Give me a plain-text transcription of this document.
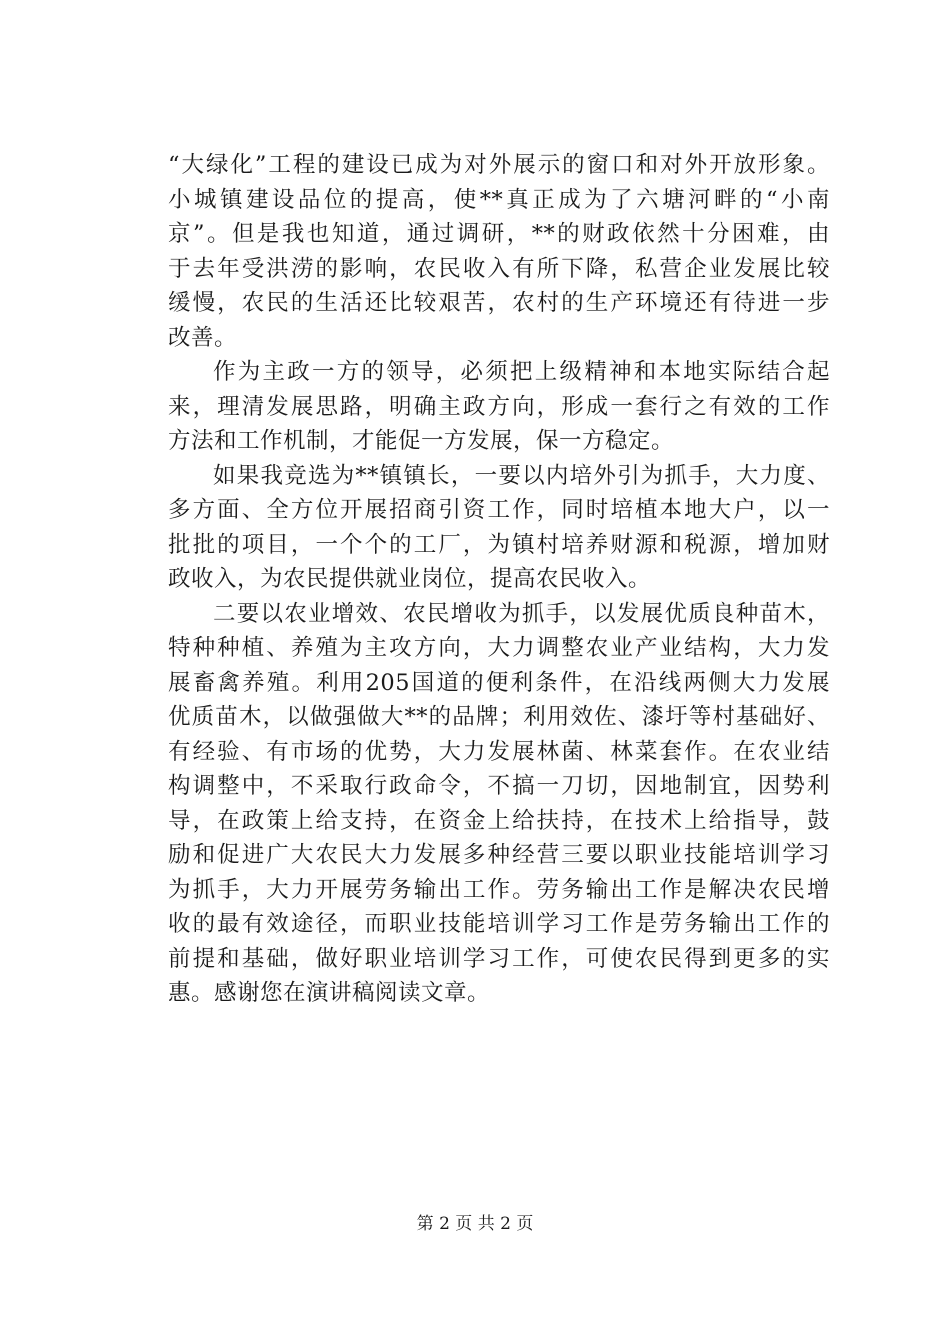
“大绿化”工程的建设已成为对外展示的窗口和对外开放形象。
小城镇建设品位的提高，使**真正成为了六塘河畔的“小南
京”。但是我也知道，通过调研，**的财政依然十分困难，由
于去年受洪涝的影响，农民收入有所下降，私营企业发展比较
缓慢，农民的生活还比较艰苦，农村的生产环境还有待进一步
改善。
作为主政一方的领导，必须把上级精神和本地实际结合起
来，理清发展思路，明确主政方向，形成一套行之有效的工作
方法和工作机制，才能促一方发展，保一方稳定。
如果我竞选为**镇镇长，一要以内培外引为抓手，大力度、
多方面、全方位开展招商引资工作，同时培植本地大户，以一
批批的项目，一个个的工厂，为镇村培养财源和税源，增加财
政收入，为农民提供就业岗位，提高农民收入。
二要以农业增效、农民增收为抓手，以发展优质良种苗木，
特种种植、养殖为主攻方向，大力调整农业产业结构，大力发
展畜禽养殖。利用205国道的便利条件，在沿线两侧大力发展
优质苗木，以做强做大**的品牌；利用效佐、漆圩等村基础好、
有经验、有市场的优势，大力发展林菌、林菜套作。在农业结
构调整中，不采取行政命令，不搞一刀切，因地制宜，因势利
导，在政策上给支持，在资金上给扶持，在技术上给指导，鼓
励和促进广大农民大力发展多种经营三要以职业技能培训学习
为抓手，大力开展劳务输出工作。劳务输出工作是解决农民增
收的最有效途径，而职业技能培训学习工作是劳务输出工作的
前提和基础，做好职业培训学习工作，可使农民得到更多的实
惠。感谢您在演讲稿阅读文章。
第 2 页 共 2 页
